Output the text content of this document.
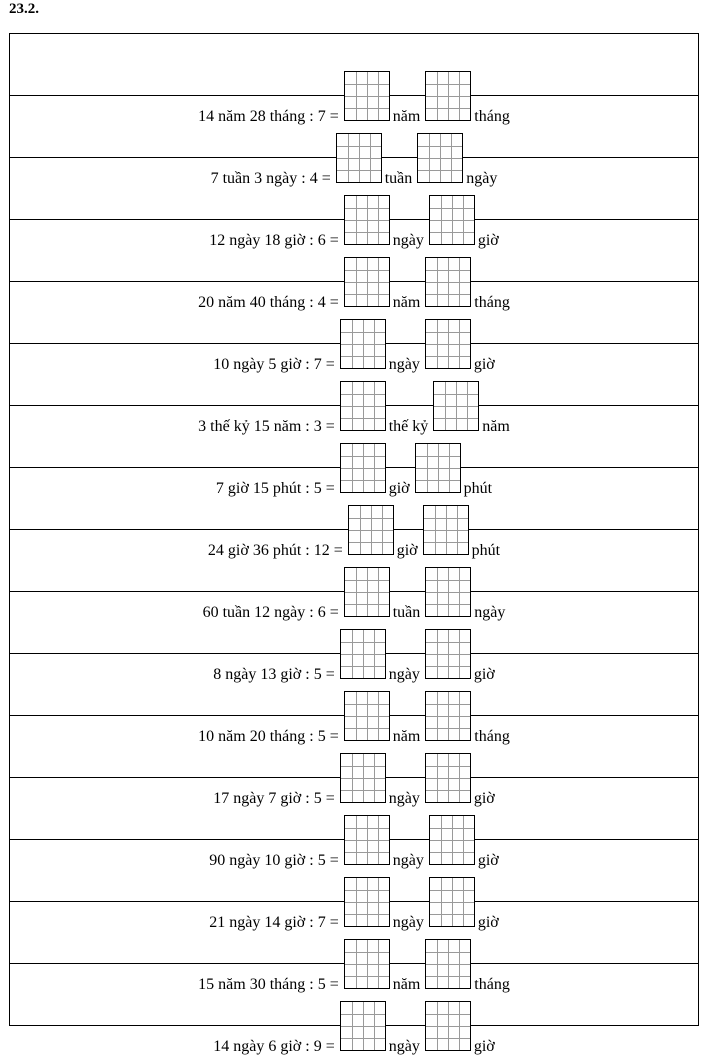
23.2.
14 năm 28 tháng : 7 =	năm	tháng
7 tuần 3 ngày : 4 =	tuần	ngày
12 ngày 18 giờ : 6 =	ngày	giờ
20 năm 40 tháng : 4 =	năm	tháng
10 ngày 5 giờ : 7 =	ngày	giờ
3 thế kỷ 15 năm : 3 =	thế kỷ	năm
7 giờ 15 phút : 5 =	giờ	phút
24 giờ 36 phút : 12 =	giờ	phút
60 tuần 12 ngày : 6 =	tuần	ngày
8 ngày 13 giờ : 5 =	ngày	giờ
10 năm 20 tháng : 5 =	năm	tháng
17 ngày 7 giờ : 5 =	ngày	giờ
90 ngày 10 giờ : 5 =	ngày	giờ
21 ngày 14 giờ : 7 =	ngày	giờ
15 năm 30 tháng : 5 =	năm	tháng
14 ngày 6 giờ : 9 =	ngày	giờ
